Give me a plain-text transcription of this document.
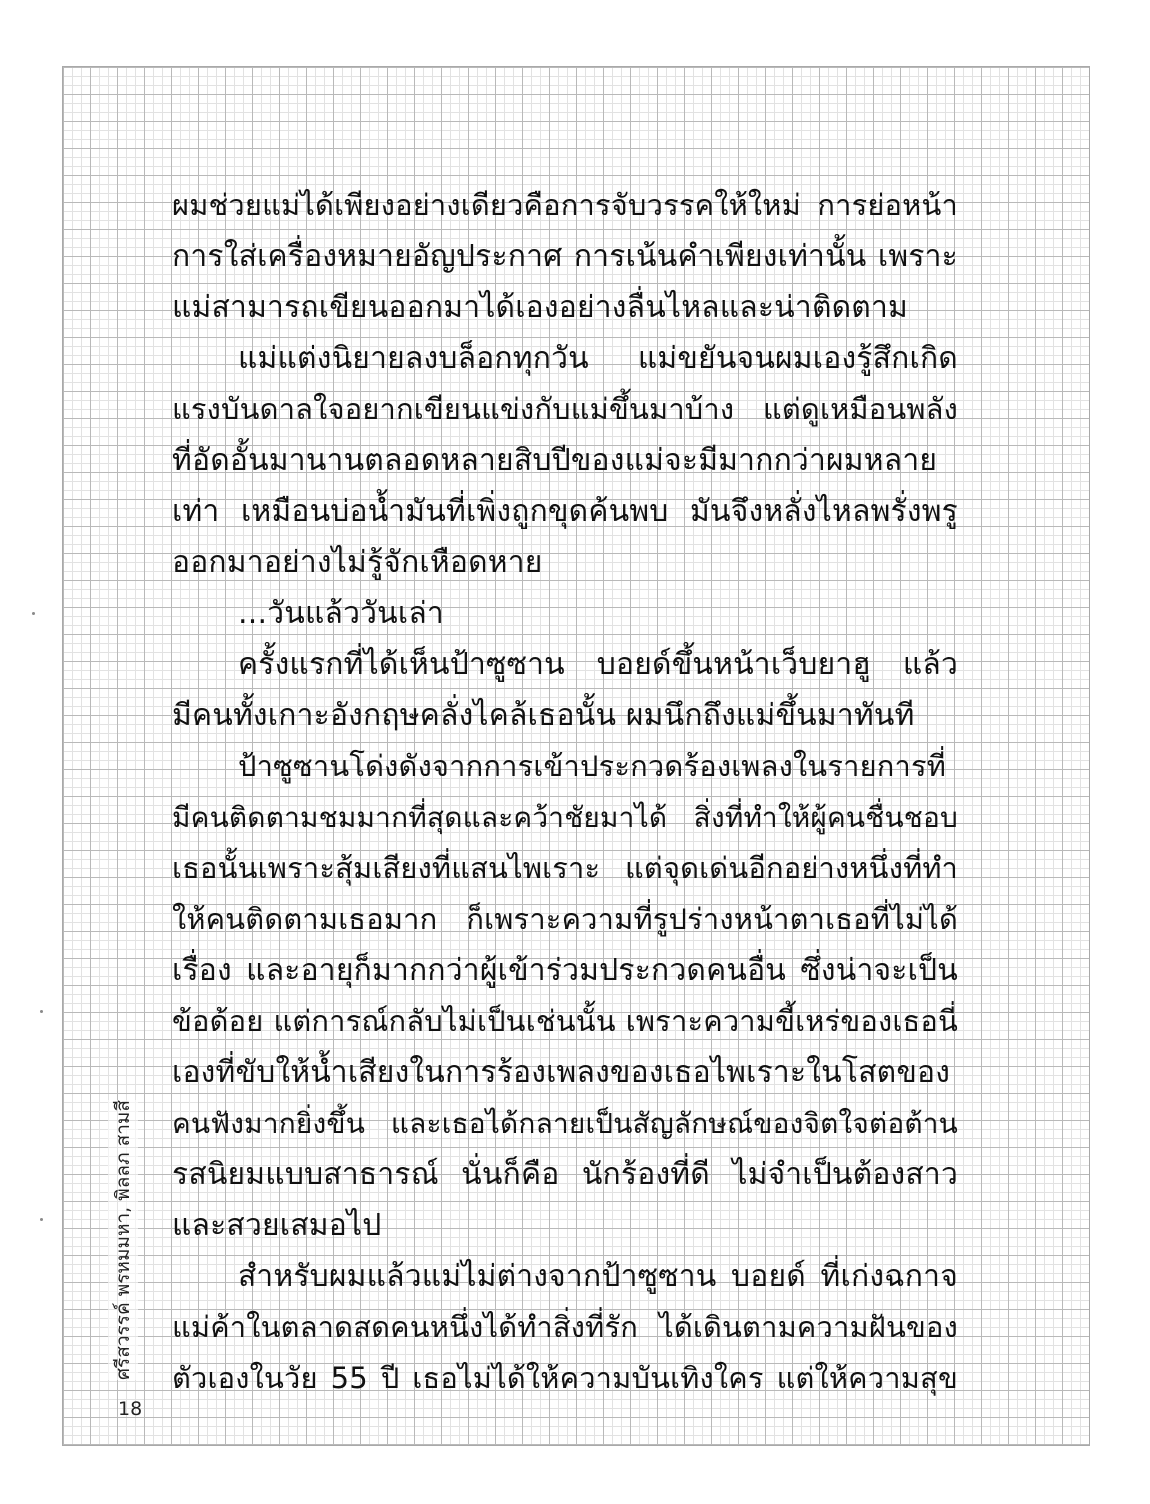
ผมช่วยแม่ได้เพียงอย่างเดียวคือการจับวรรคให้ใหม่ การย่อหน้า
การใส่เครื่องหมายอัญประกาศ การเน้นคำเพียงเท่านั้น เพราะ
แม่สามารถเขียนออกมาได้เองอย่างลื่นไหลและน่าติดตาม
แม่แต่งนิยายลงบล็อกทุกวัน แม่ขยันจนผมเองรู้สึกเกิด
แรงบันดาลใจอยากเขียนแข่งกับแม่ขึ้นมาบ้าง แต่ดูเหมือนพลัง
ที่อัดอั้นมานานตลอดหลายสิบปีของแม่จะมีมากกว่าผมหลาย
เท่า เหมือนบ่อน้ำมันที่เพิ่งถูกขุดค้นพบ มันจึงหลั่งไหลพรั่งพรู
ออกมาอย่างไม่รู้จักเหือดหาย
...วันแล้ววันเล่า
ครั้งแรกที่ได้เห็นป้าซูซาน บอยด์ขึ้นหน้าเว็บยาฮู แล้ว
มีคนทั้งเกาะอังกฤษคลั่งไคล้เธอนั้น ผมนึกถึงแม่ขึ้นมาทันที
ป้าซูซานโด่งดังจากการเข้าประกวดร้องเพลงในรายการที่
มีคนติดตามชมมากที่สุดและคว้าชัยมาได้ สิ่งที่ทำให้ผู้คนชื่นชอบ
เธอนั้นเพราะสุ้มเสียงที่แสนไพเราะ แต่จุดเด่นอีกอย่างหนึ่งที่ทำ
ให้คนติดตามเธอมาก ก็เพราะความที่รูปร่างหน้าตาเธอที่ไม่ได้
เรื่อง และอายุก็มากกว่าผู้เข้าร่วมประกวดคนอื่น ซึ่งน่าจะเป็น
ข้อด้อย แต่การณ์กลับไม่เป็นเช่นนั้น เพราะความขี้เหร่ของเธอนี่
เองที่ขับให้น้ำเสียงในการร้องเพลงของเธอไพเราะในโสตของ
คนฟังมากยิ่งขึ้น และเธอได้กลายเป็นสัญลักษณ์ของจิตใจต่อต้าน
รสนิยมแบบสาธารณ์ นั่นก็คือ นักร้องที่ดี ไม่จำเป็นต้องสาว
และสวยเสมอไป
สำหรับผมแล้วแม่ไม่ต่างจากป้าซูซาน บอยด์ ที่เก่งฉกาจ
แม่ค้าในตลาดสดคนหนึ่งได้ทำสิ่งที่รัก ได้เดินตามความฝันของ
ตัวเองในวัย 55 ปี เธอไม่ได้ให้ความบันเทิงใคร แต่ให้ความสุข
ศรีสวรรค์ พรหมมหา, พิลลภ สามสี
18
